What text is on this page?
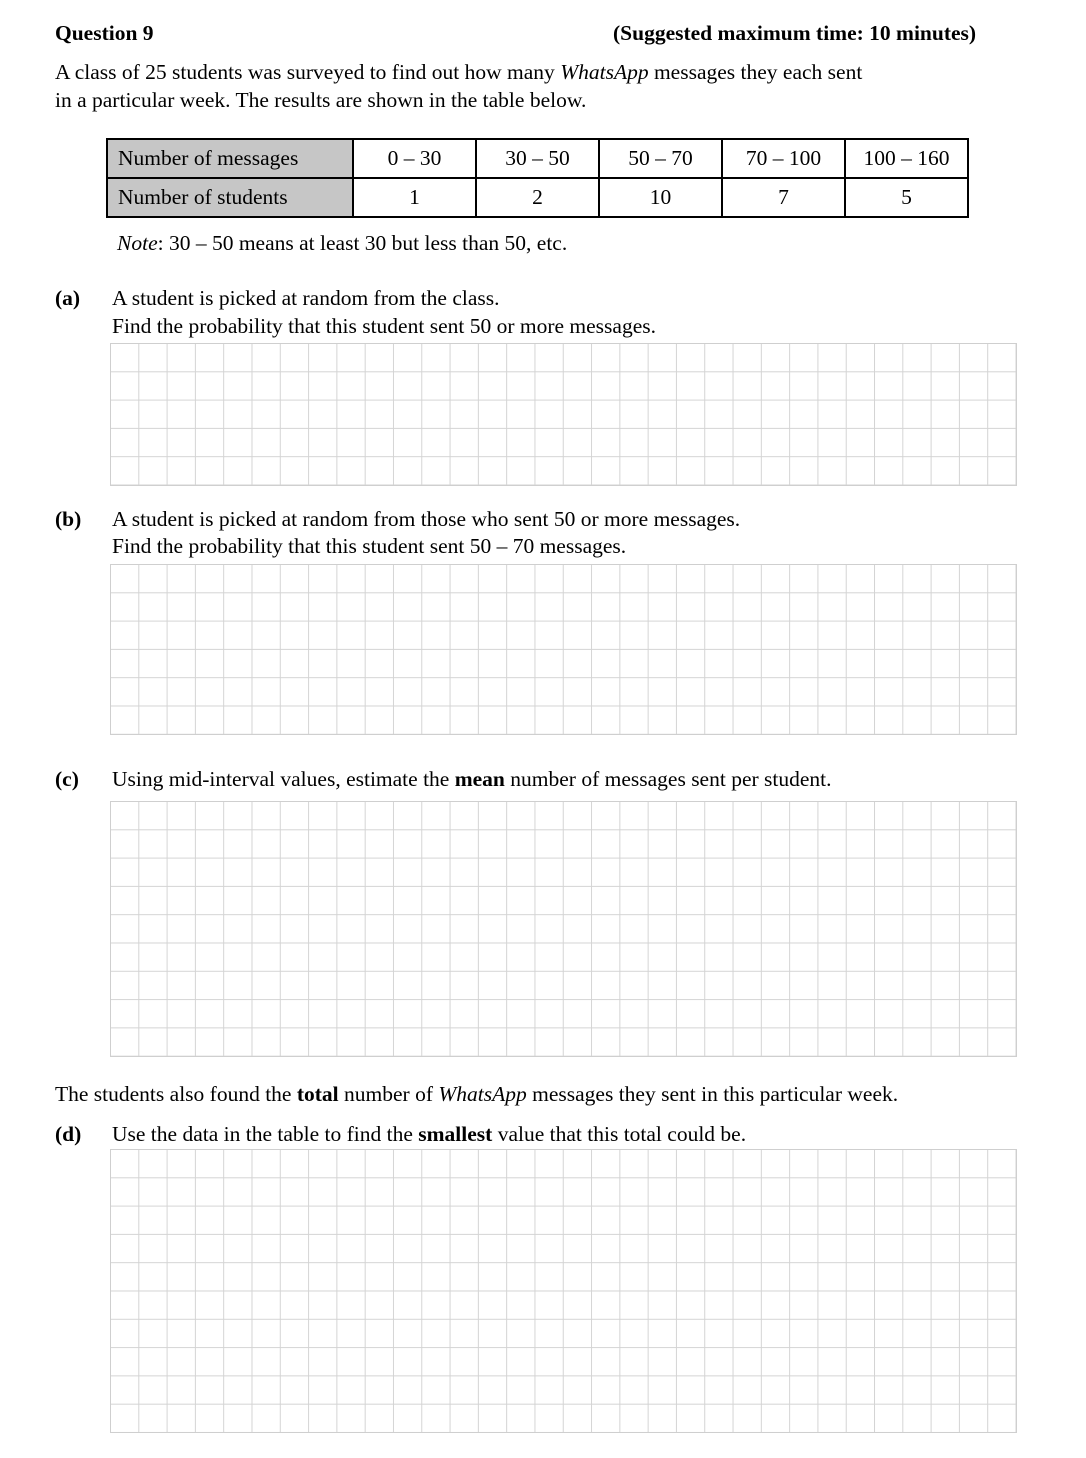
Question 9	(Suggested maximum time: 10 minutes)
A class of 25 students was surveyed to find out how many WhatsApp messages they each sent
in a particular week. The results are shown in the table below.
Number of messages	0 – 30	30 – 50	50 – 70	70 – 100	100 – 160
Number of students	1	2	10	7	5
Note: 30 – 50 means at least 30 but less than 50, etc.
(a) A student is picked at random from the class.
Find the probability that this student sent 50 or more messages.
(b) A student is picked at random from those who sent 50 or more messages.
Find the probability that this student sent 50 – 70 messages.
(c) Using mid-interval values, estimate the mean number of messages sent per student.
The students also found the total number of WhatsApp messages they sent in this particular week.
(d) Use the data in the table to find the smallest value that this total could be.
